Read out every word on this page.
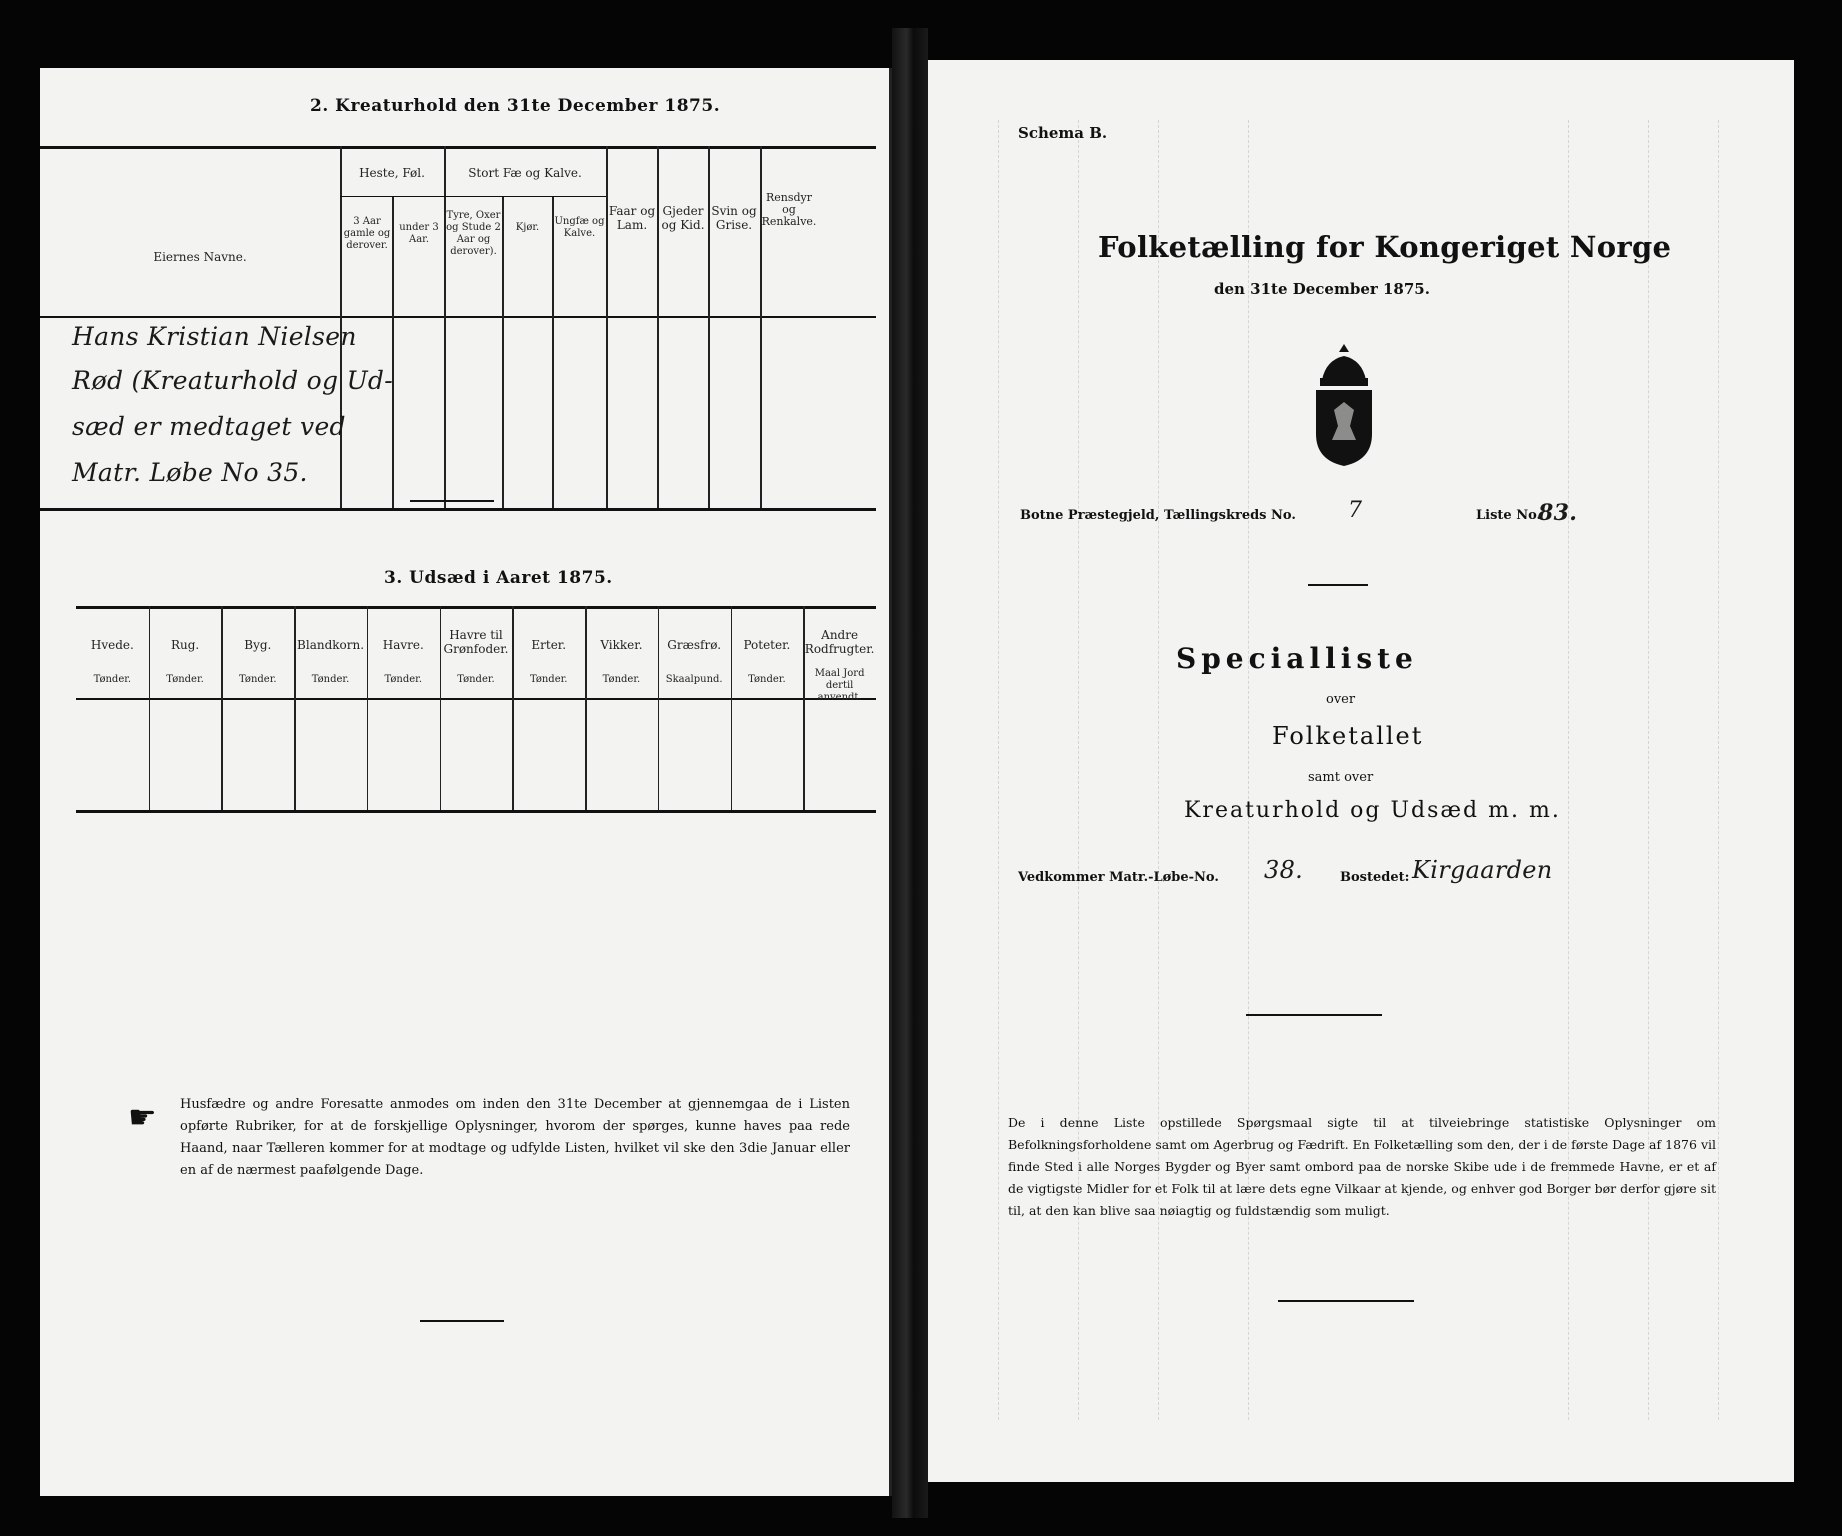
2. Kreaturhold den 31te December 1875.
Eiernes Navne.
Heste, Føl.
3 Aar gamle og derover.
under 3 Aar.
Stort Fæ og Kalve.
Tyre, Oxer og Stude 2 Aar og derover).
Kjør.
Ungfæ og Kalve.
Faar og Lam.
Gjeder og Kid.
Svin og Grise.
Rensdyr og Renkalve.
Hans Kristian Nielsen
Rød (Kreaturhold og Ud-
sæd er medtaget ved
Matr. Løbe No 35.
3. Udsæd i Aaret 1875.
Hvede.
Tønder.
Rug.
Tønder.
Byg.
Tønder.
Blandkorn.
Tønder.
Havre.
Tønder.
Havre til Grønfoder.
Tønder.
Erter.
Tønder.
Vikker.
Tønder.
Græsfrø.
Skaalpund.
Poteter.
Tønder.
Andre Rodfrugter.
Maal Jord dertil anvendt.
☛ Husfædre og andre Foresatte anmodes om inden den 31te December at gjennemgaa de i Listen opførte Rubriker, for at de forskjellige Oplysninger, hvorom der spørges, kunne haves paa rede Haand, naar Tælleren kommer for at modtage og udfylde Listen, hvilket vil ske den 3die Januar eller en af de nærmest paafølgende Dage.
Schema B.
Folketælling for Kongeriget Norge
den 31te December 1875.
Botne Præstegjeld, Tællingskreds No. 7	Liste No.
83.
Specialliste
over
Folketallet
samt over
Kreaturhold og Udsæd m. m.
Vedkommer Matr.-Løbe-No. 38.	Bostedet: Kirgaarden
De i denne Liste opstillede Spørgsmaal sigte til at tilveiebringe statistiske Oplysninger om Befolkningsforholdene samt om Agerbrug og Fædrift. En Folketælling som den, der i de første Dage af 1876 vil finde Sted i alle Norges Bygder og Byer samt ombord paa de norske Skibe ude i de fremmede Havne, er et af de vigtigste Midler for et Folk til at lære dets egne Vilkaar at kjende, og enhver god Borger bør derfor gjøre sit til, at den kan blive saa nøiagtig og fuldstændig som muligt.
